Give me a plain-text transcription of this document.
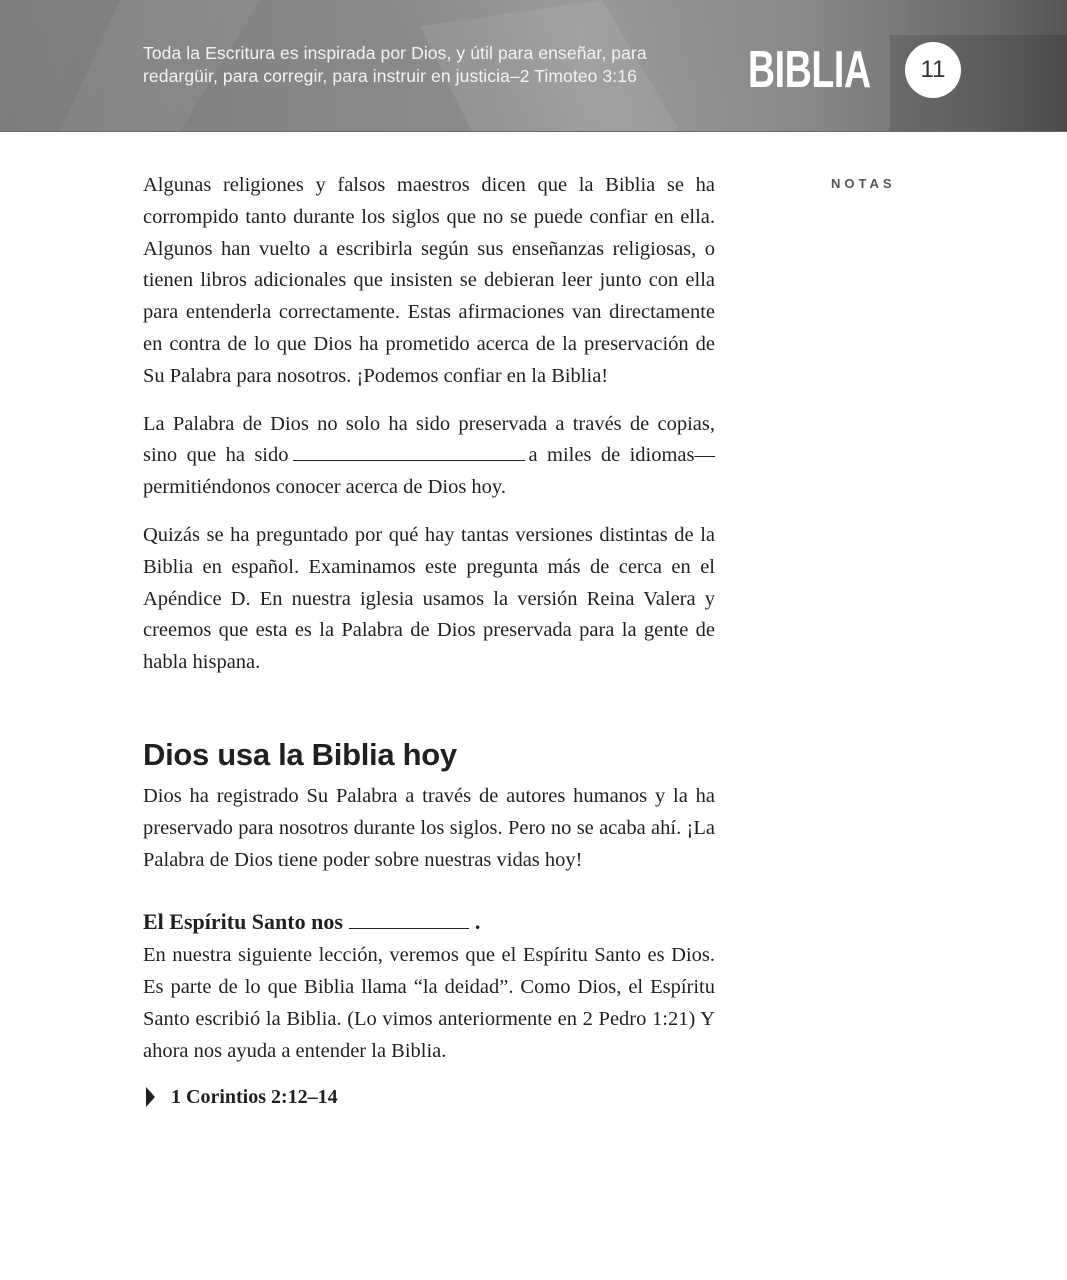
Toda la Escritura es inspirada por Dios, y útil para enseñar, para redargüir, para corregir, para instruir en justicia–2 Timoteo 3:16	BIBLIA 11
NOTAS

Algunas religiones y falsos maestros dicen que la Biblia se ha corrompido tanto durante los siglos que no se puede confiar en ella. Algunos han vuelto a escribirla según sus enseñanzas religiosas, o tienen libros adicionales que insisten se debieran leer junto con ella para entenderla correctamente. Estas afirmaciones van directamente en contra de lo que Dios ha prometido acerca de la preservación de Su Palabra para nosotros. ¡Podemos confiar en la Biblia!

La Palabra de Dios no solo ha sido preservada a través de copias, sino que ha sido	a miles de idiomas—permitiéndonos conocer acerca de Dios hoy.

Quizás se ha preguntado por qué hay tantas versiones distintas de la Biblia en español. Examinamos este pregunta más de cerca en el Apéndice D. En nuestra iglesia usamos la versión Reina Valera y creemos que esta es la Palabra de Dios preservada para la gente de habla hispana.

Dios usa la Biblia hoy

Dios ha registrado Su Palabra a través de autores humanos y la ha preservado para nosotros durante los siglos. Pero no se acaba ahí. ¡La Palabra de Dios tiene poder sobre nuestras vidas hoy!

El Espíritu Santo nos	.

En nuestra siguiente lección, veremos que el Espíritu Santo es Dios. Es parte de lo que Biblia llama “la deidad”. Como Dios, el Espíritu Santo escribió la Biblia. (Lo vimos anteriormente en 2 Pedro 1:21) Y ahora nos ayuda a entender la Biblia.

1 Corintios 2:12–14
